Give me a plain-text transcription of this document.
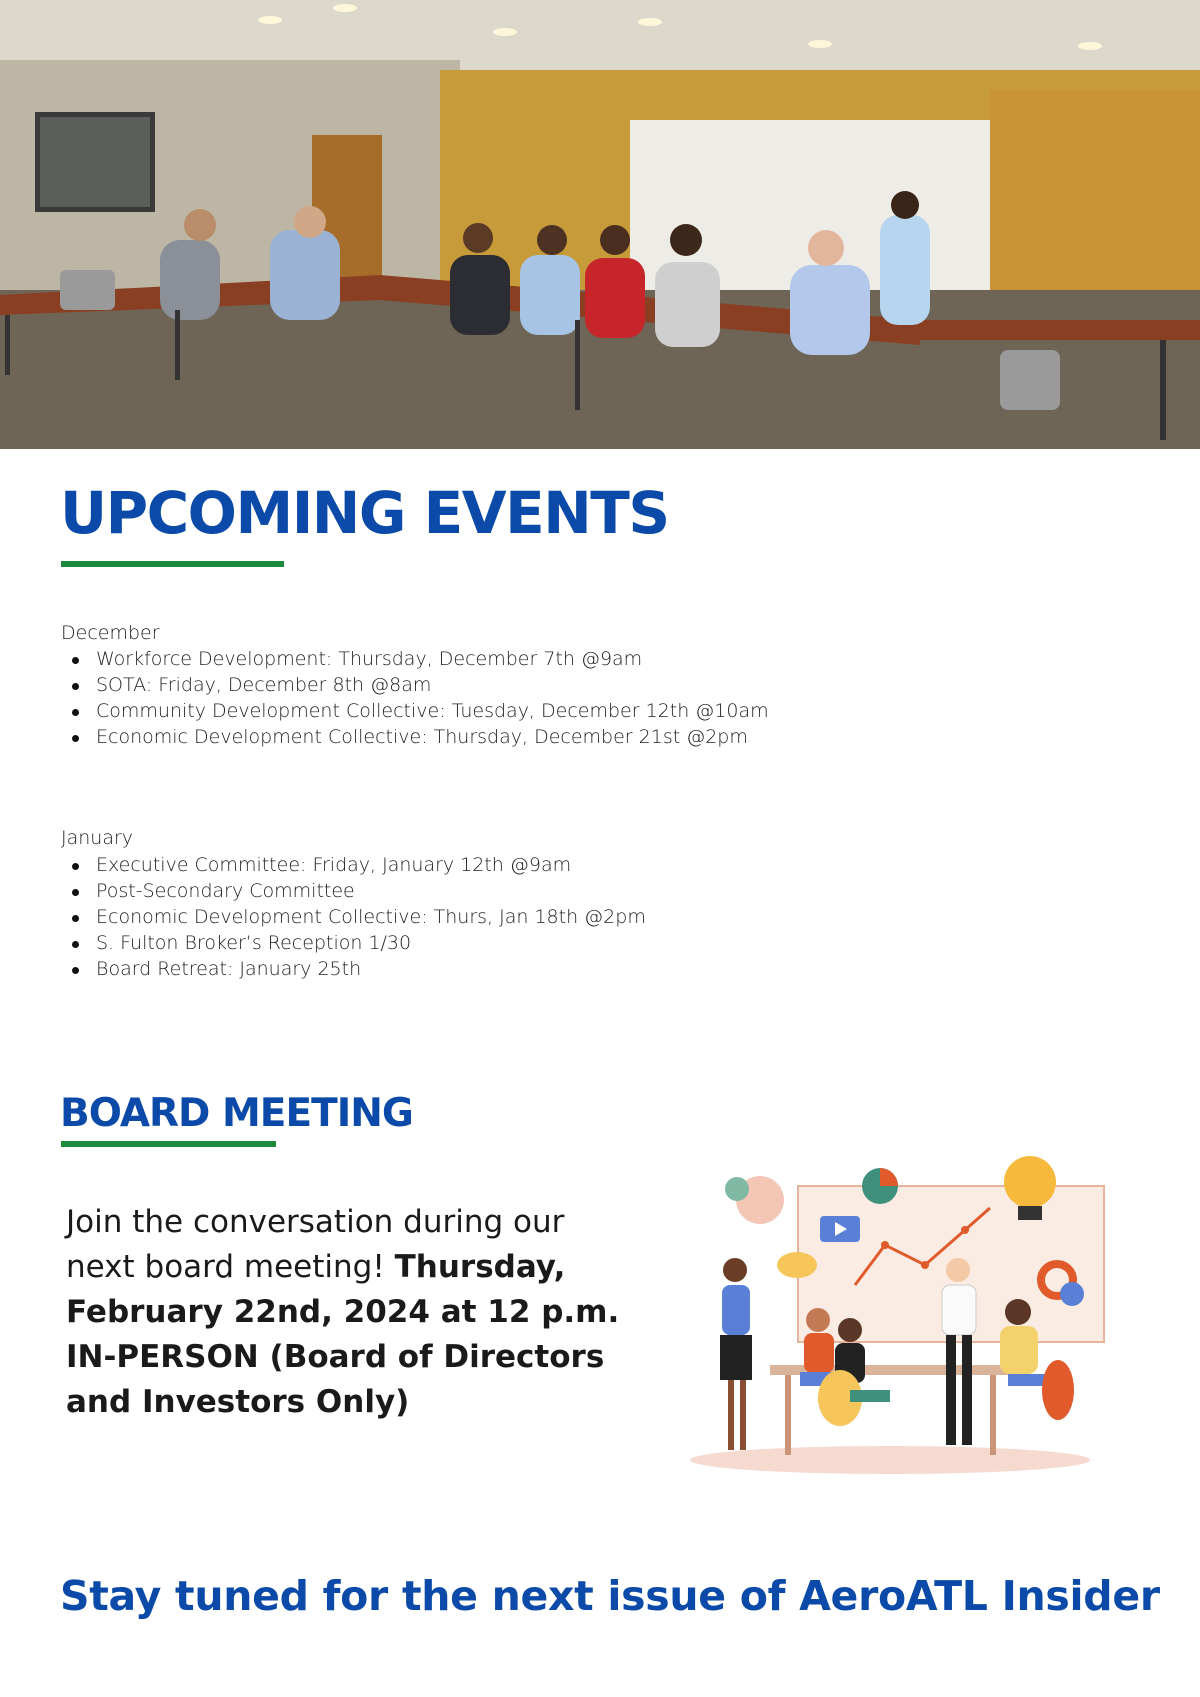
UPCOMING EVENTS

December

Workforce Development: Thursday, December 7th @9am
SOTA: Friday, December 8th @8am
Community Development Collective: Tuesday, December 12th @10am
Economic Development Collective: Thursday, December 21st @2pm

January

Executive Committee: Friday, January 12th @9am
Post-Secondary Committee
Economic Development Collective: Thurs, Jan 18th @2pm
S. Fulton Broker’s Reception 1/30
Board Retreat: January 25th
BOARD MEETING

Join the conversation during our next board meeting! Thursday, February 22nd, 2024 at 12 p.m. IN-PERSON (Board of Directors and Investors Only)

Stay tuned for the next issue of AeroATL Insider
